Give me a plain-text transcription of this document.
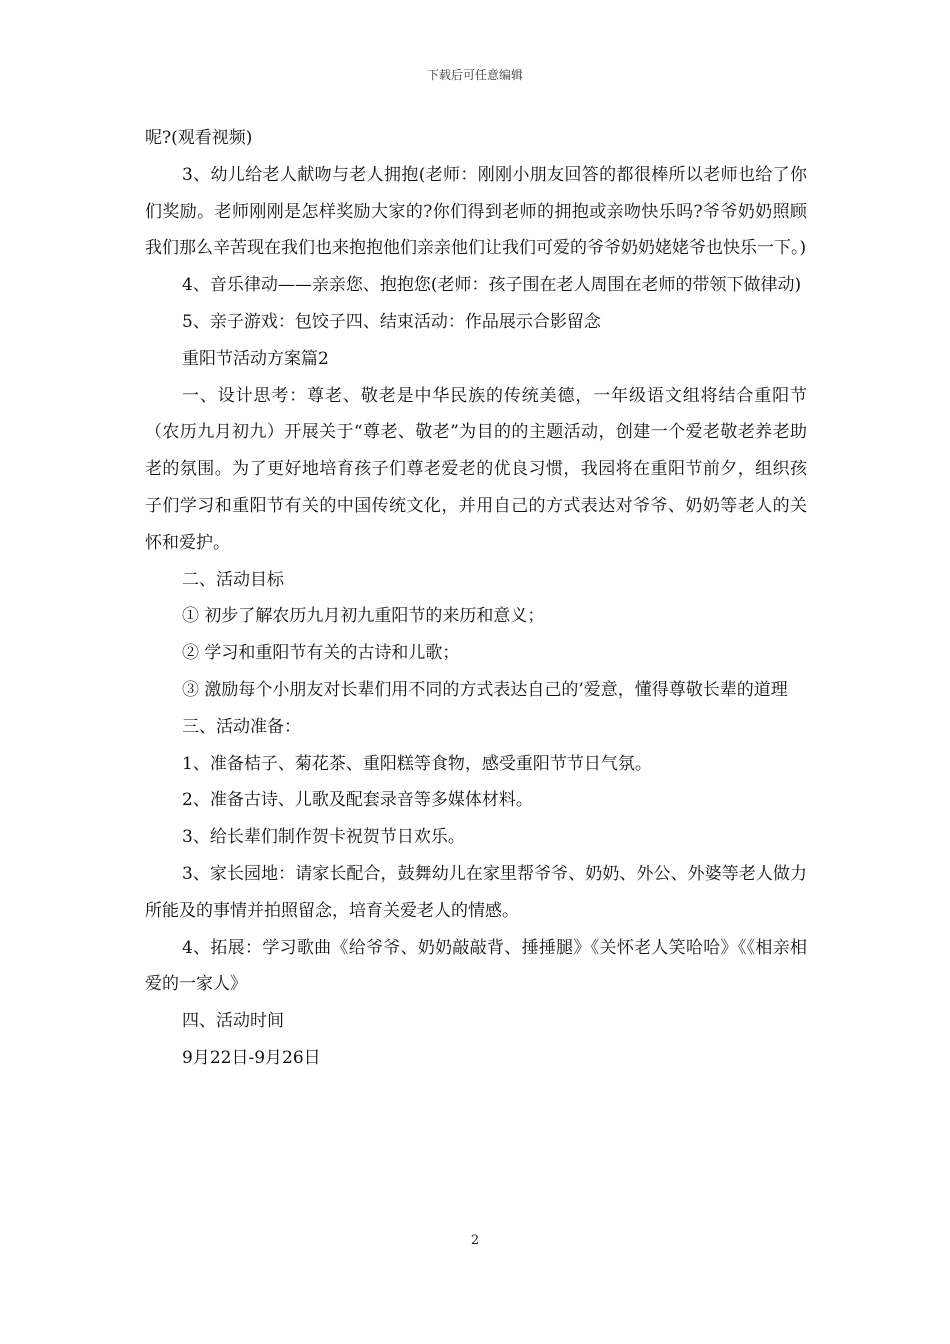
下载后可任意编辑

呢?(观看视频)

3、幼儿给老人献吻与老人拥抱(老师：刚刚小朋友回答的都很棒所以老师也给了你们奖励。老师刚刚是怎样奖励大家的?你们得到老师的拥抱或亲吻快乐吗?爷爷奶奶照顾我们那么辛苦现在我们也来抱抱他们亲亲他们让我们可爱的爷爷奶奶姥姥爷也快乐一下。)

4、音乐律动——亲亲您、抱抱您(老师：孩子围在老人周围在老师的带领下做律动)

5、亲子游戏：包饺子四、结束活动：作品展示合影留念

重阳节活动方案篇2

一、设计思考：尊老、敬老是中华民族的传统美德，一年级语文组将结合重阳节（农历九月初九）开展关于“尊老、敬老”为目的的主题活动，创建一个爱老敬老养老助老的氛围。为了更好地培育孩子们尊老爱老的优良习惯，我园将在重阳节前夕，组织孩子们学习和重阳节有关的中国传统文化，并用自己的方式表达对爷爷、奶奶等老人的关怀和爱护。

二、活动目标

① 初步了解农历九月初九重阳节的来历和意义；

② 学习和重阳节有关的古诗和儿歌；

③ 激励每个小朋友对长辈们用不同的方式表达自己的’爱意，懂得尊敬长辈的道理

三、活动准备：

1、准备桔子、菊花茶、重阳糕等食物，感受重阳节节日气氛。

2、准备古诗、儿歌及配套录音等多媒体材料。

3、给长辈们制作贺卡祝贺节日欢乐。

3、家长园地：请家长配合，鼓舞幼儿在家里帮爷爷、奶奶、外公、外婆等老人做力所能及的事情并拍照留念，培育关爱老人的情感。

4、拓展：学习歌曲《给爷爷、奶奶敲敲背、捶捶腿》《关怀老人笑哈哈》《《相亲相爱的一家人》

四、活动时间

9月22日-9月26日

2
